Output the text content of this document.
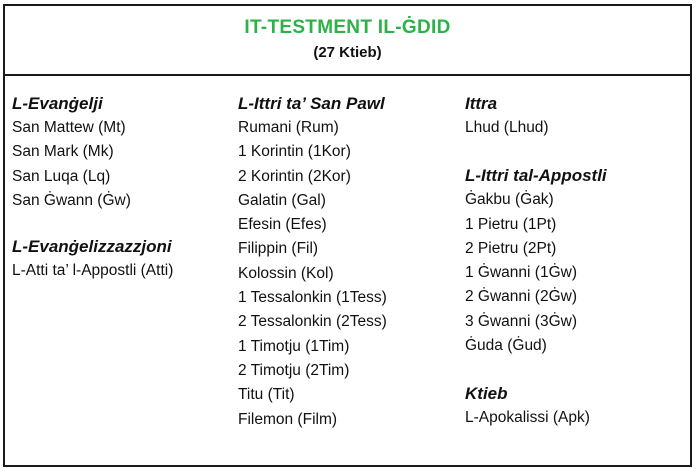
IT-TESTMENT IL-ĠDID
(27 Ktieb)
L-Evanġelji
San Mattew (Mt)
San Mark (Mk)
San Luqa (Lq)
San Ġwann (Ġw)
L-Evanġelizzazzjoni
L-Atti ta’ l-Appostli (Atti)
L-Ittri ta’ San Pawl
Rumani (Rum)
1 Korintin (1Kor)
2 Korintin (2Kor)
Galatin (Gal)
Efesin (Efes)
Filippin (Fil)
Kolossin (Kol)
1 Tessalonkin (1Tess)
2 Tessalonkin (2Tess)
1 Timotju (1Tim)
2 Timotju (2Tim)
Titu (Tit)
Filemon (Film)
Ittra
Lhud (Lhud)
L-Ittri tal-Appostli
Ġakbu (Ġak)
1 Pietru (1Pt)
2 Pietru (2Pt)
1 Ġwanni (1Ġw)
2 Ġwanni (2Ġw)
3 Ġwanni (3Ġw)
Ġuda (Ġud)
Ktieb
L-Apokalissi (Apk)
